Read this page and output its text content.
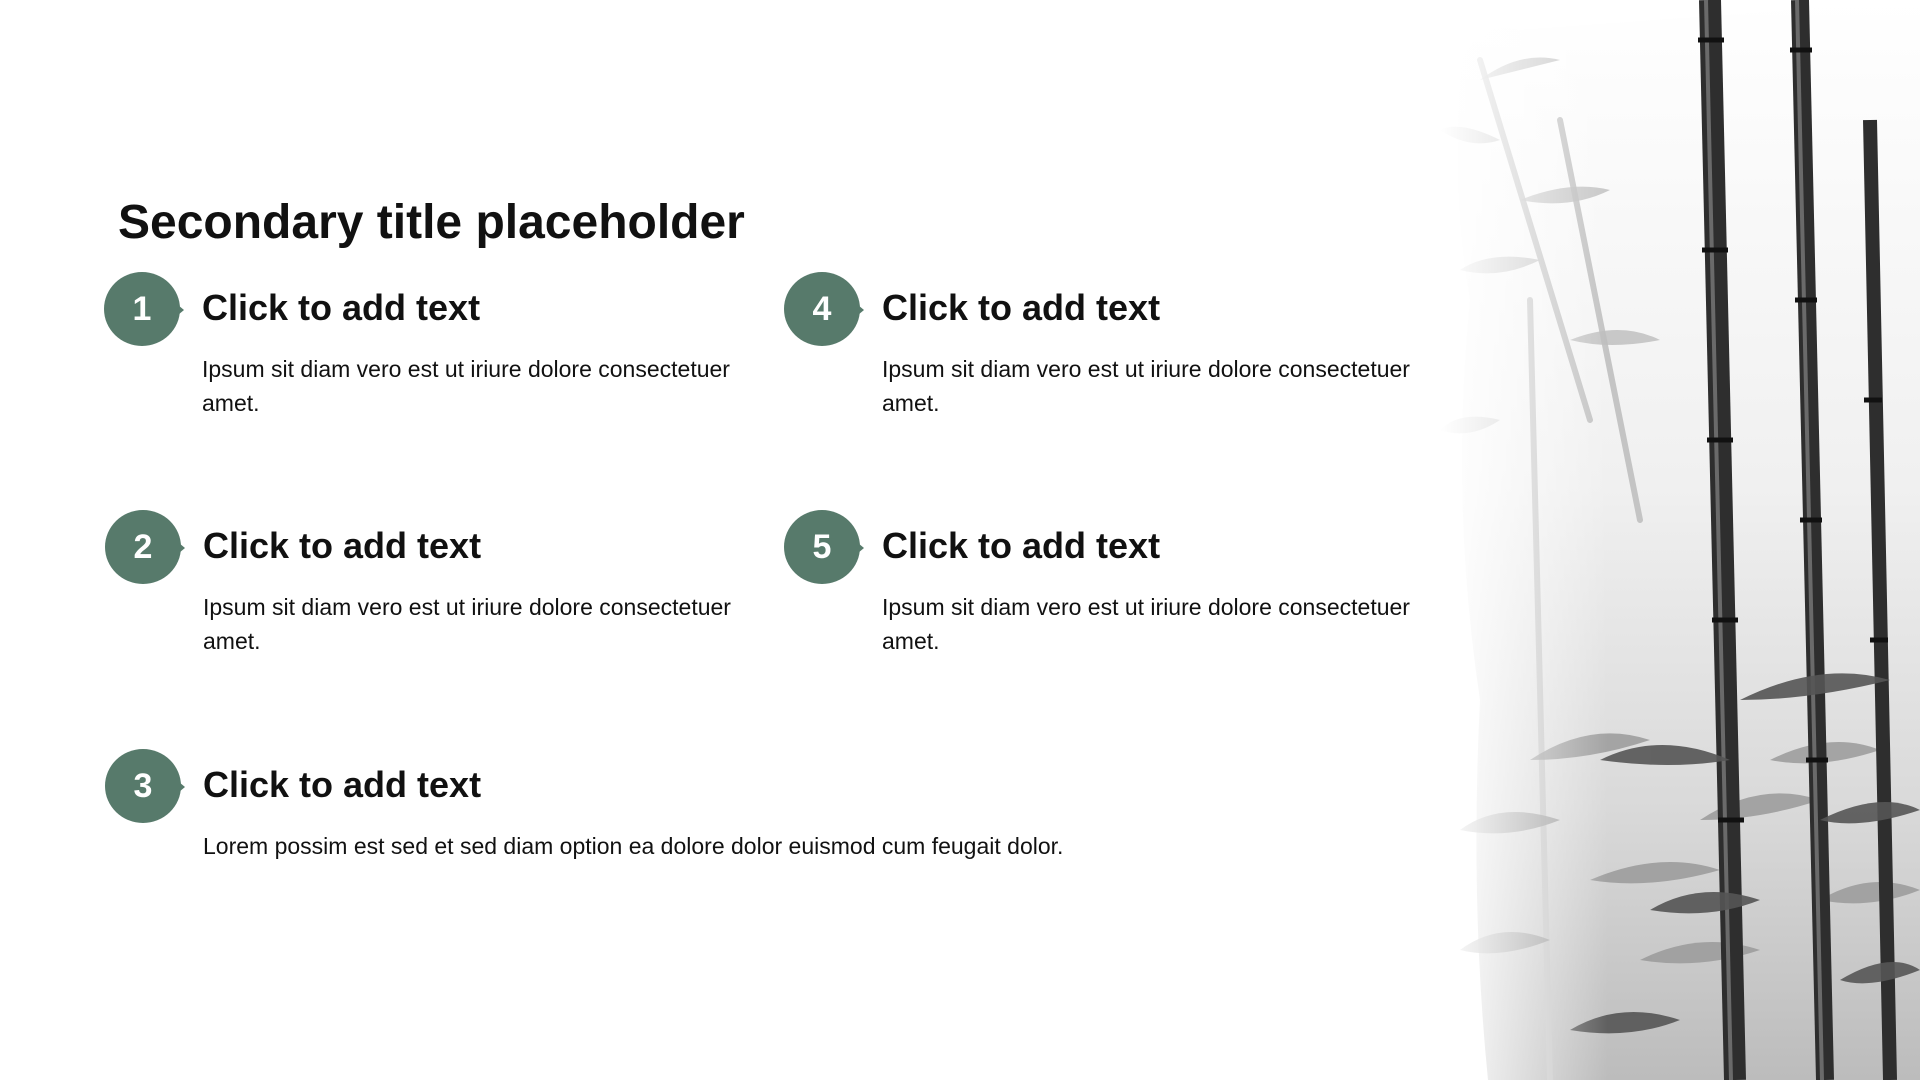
Secondary title placeholder
1	Click to add text

Ipsum sit diam vero est ut iriure dolore consectetuer amet.

4	Click to add text

Ipsum sit diam vero est ut iriure dolore consectetuer amet.

2	Click to add text

Ipsum sit diam vero est ut iriure dolore consectetuer amet.

5	Click to add text

Ipsum sit diam vero est ut iriure dolore consectetuer amet.

3	Click to add text

Lorem possim est sed et sed diam option ea dolore dolor euismod cum feugait dolor.
